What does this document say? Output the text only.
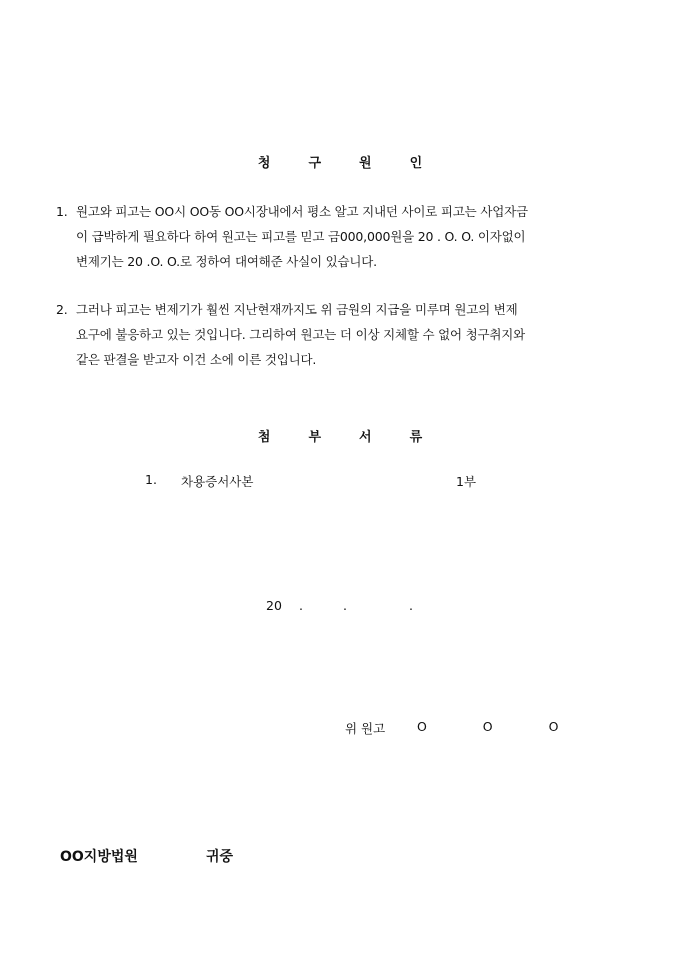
청	구	원	인
1. 원고와 피고는 OO시 OO동 OO시장내에서 평소 알고 지내던 사이로 피고는 사업자금
이 급박하게 필요하다 하여 원고는 피고를 믿고 금000,000원을 20 . O. O. 이자없이
변제기는 20 .O. O.로 정하여 대여해준 사실이 있습니다.
2. 그러나 피고는 변제기가 훨씬 지난현재까지도 위 금원의 지급을 미루며 원고의 변제
요구에 불응하고 있는 것입니다. 그리하여 원고는 더 이상 지체할 수 없어 청구취지와
같은 판결을 받고자 이건 소에 이른 것입니다.
첨	부	서	류
1. 차용증서사본	1부
20 .	.	.
위 원고	O O O
OO지방법원	귀중
